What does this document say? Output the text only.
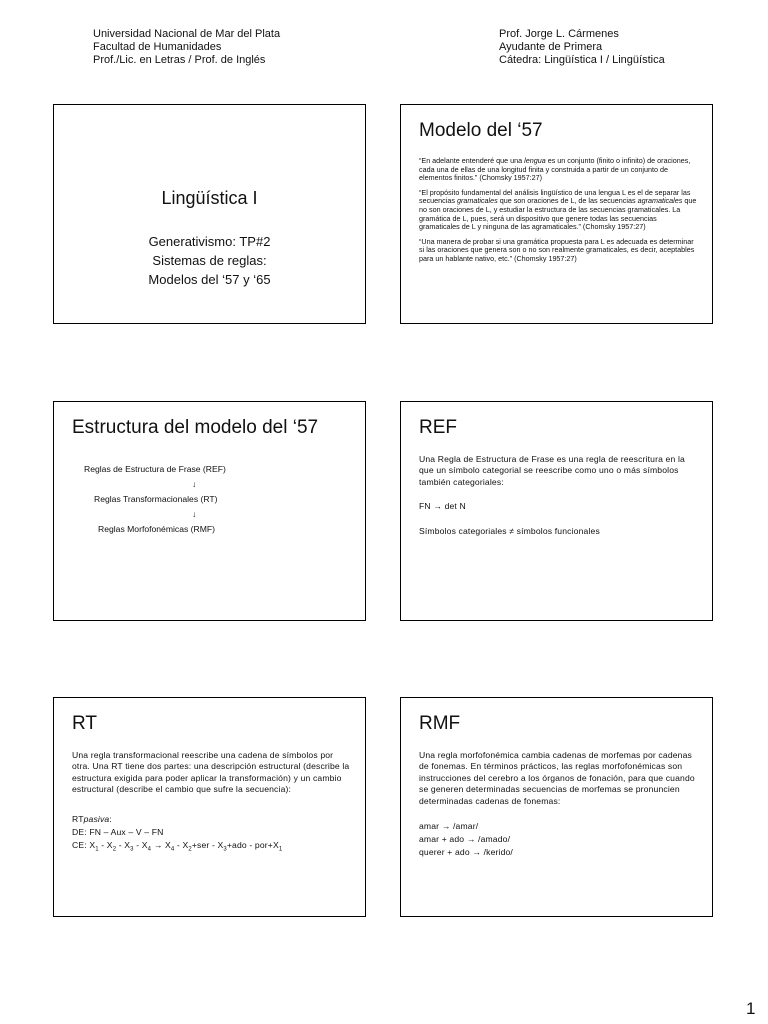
Universidad Nacional de Mar del Plata
Facultad de Humanidades
Prof./Lic. en Letras / Prof. de Inglés
Prof. Jorge L. Cármenes
Ayudante de Primera
Cátedra: Lingüística I / Lingüística
Lingüística I
Generativismo: TP#2
Sistemas de reglas:
Modelos del ‘57 y ‘65
Modelo del ‘57

“En adelante entenderé que una lengua es un conjunto (finito o infinito) de oraciones, cada una de ellas de una longitud finita y construida a partir de un conjunto de elementos finitos.” (Chomsky 1957:27)

“El propósito fundamental del análisis lingüístico de una lengua L es el de separar las secuencias gramaticales que son oraciones de L, de las secuencias agramaticales que no son oraciones de L, y estudiar la estructura de las secuencias gramaticales. La gramática de L, pues, será un dispositivo que genere todas las secuencias gramaticales de L y ninguna de las agramaticales.” (Chomsky 1957:27)

“Una manera de probar si una gramática propuesta para L es adecuada es determinar si las oraciones que genera son o no son realmente gramaticales, es decir, aceptables para un hablante nativo, etc.” (Chomsky 1957:27)

Estructura del modelo del ‘57
Reglas de Estructura de Frase (REF)
↓
Reglas Transformacionales (RT)
↓
Reglas Morfofonémicas (RMF)
REF

Una Regla de Estructura de Frase es una regla de reescritura en la que un símbolo categorial se reescribe como uno o más símbolos también categoriales:

FN → det N

Símbolos categoriales ≠ símbolos funcionales

RT

Una regla transformacional reescribe una cadena de símbolos por otra. Una RT tiene dos partes: una descripción estructural (describe la estructura exigida para poder aplicar la transformación) y un cambio estructural (describe el cambio que sufre la secuencia):

RTpasiva:
DE: FN – Aux – V – FN
CE: $X_1 - X_2 - X_3 - X_4 \to X_4 - X_2+ser - X_3+ado - por+X_1$
RMF

Una regla morfofonémica cambia cadenas de morfemas por cadenas de fonemas. En términos prácticos, las reglas morfofonémicas son instrucciones del cerebro a los órganos de fonación, para que cuando se generen determinadas secuencias de morfemas se pronuncien determinadas cadenas de fonemas:

amar → /amar/
amar + ado → /amado/
querer + ado → /kerido/
1
